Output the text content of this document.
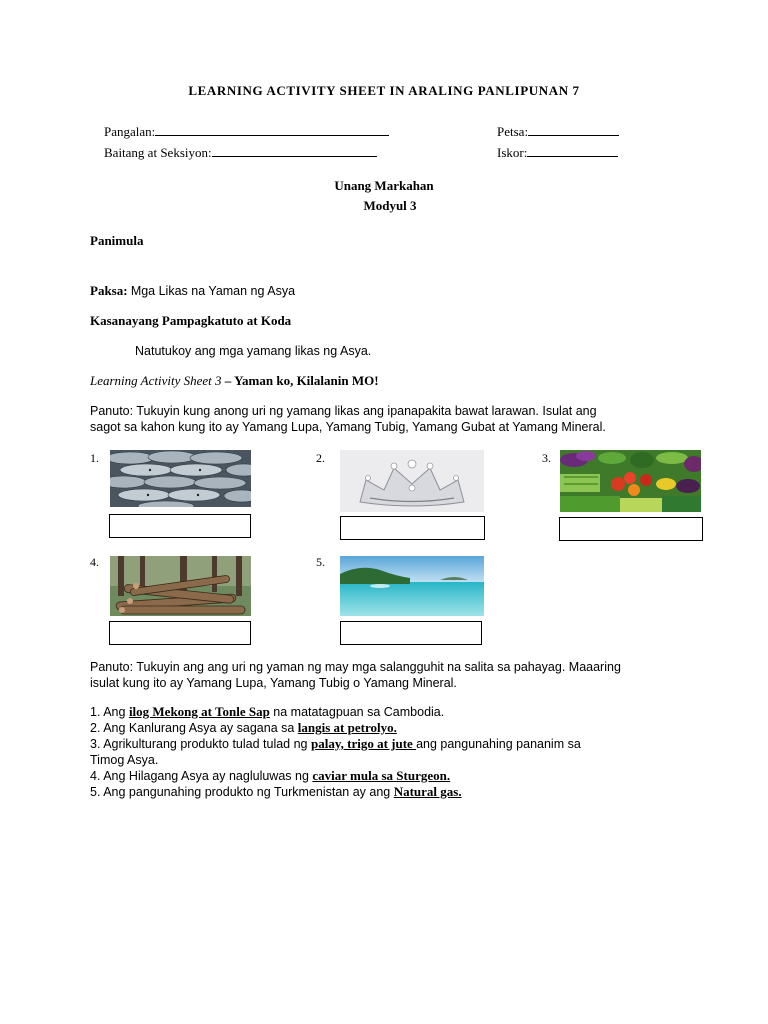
LEARNING ACTIVITY SHEET IN ARALING PANLIPUNAN 7
Pangalan:
Baitang at Seksiyon:
Petsa:
Iskor:
Unang Markahan
Modyul 3
Panimula
Paksa: Mga Likas na Yaman ng Asya
Kasanayang Pampagkatuto at Koda
Natutukoy ang mga yamang likas ng Asya.
Learning Activity Sheet 3 – Yaman ko, Kilalanin MO!
Panuto: Tukuyin kung anong uri ng yamang likas ang ipanapakita bawat larawan. Isulat ang
sagot sa kahon kung ito ay Yamang Lupa, Yamang Tubig, Yamang Gubat at Yamang Mineral.
1.	2.	3.
4.	5.
Panuto: Tukuyin ang ang uri ng yaman ng may mga salangguhit na salita sa pahayag. Maaaring
isulat kung ito ay Yamang Lupa, Yamang Tubig o Yamang Mineral.
1. Ang ilog Mekong at Tonle Sap na matatagpuan sa Cambodia.
2. Ang Kanlurang Asya ay sagana sa langis at petrolyo.
3. Agrikulturang produkto tulad tulad ng palay, trigo at jute ang pangunahing pananim sa
Timog Asya.
4. Ang Hilagang Asya ay nagluluwas ng caviar mula sa Sturgeon.
5. Ang pangunahing produkto ng Turkmenistan ay ang Natural gas.
